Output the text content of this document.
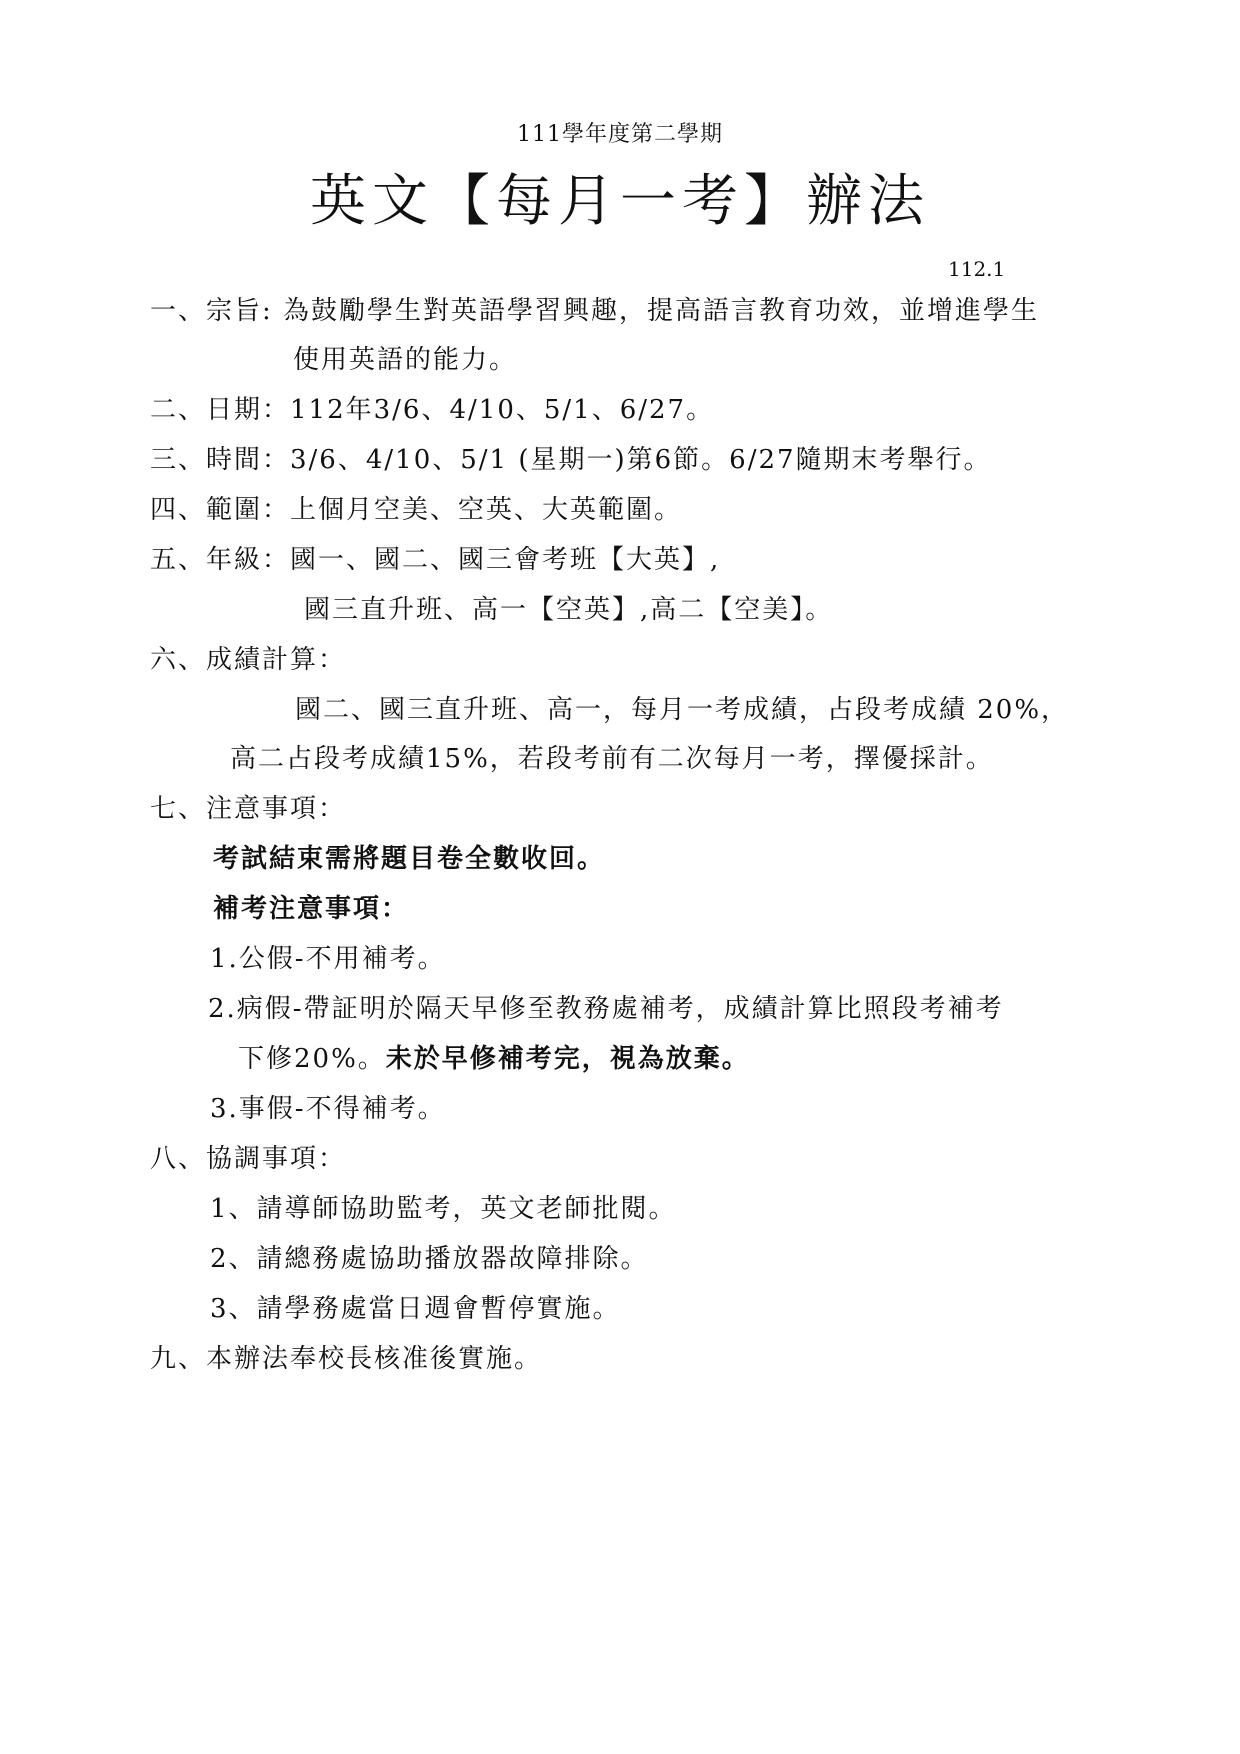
111學年度第二學期
英文【每月一考】辦法
112.1
一、宗旨: 為鼓勵學生對英語學習興趣，提高語言教育功效，並增進學生
使用英語的能力。
二、日期：112年3/6、4/10、5/1、6/27。
三、時間：3/6、4/10、5/1 (星期一)第6節。6/27隨期末考舉行。
四、範圍：上個月空美、空英、大英範圍。
五、年級：國一、國二、國三會考班【大英】,
國三直升班、高一【空英】,高二【空美】。
六、成績計算：
國二、國三直升班、高一，每月一考成績，占段考成績 20%，
高二占段考成績15%，若段考前有二次每月一考，擇優採計。
七、注意事項：
考試結束需將題目卷全數收回。
補考注意事項：
1.公假-不用補考。
2.病假-帶証明於隔天早修至教務處補考，成績計算比照段考補考
下修20%。未於早修補考完，視為放棄。
3.事假-不得補考。
八、協調事項：
1、請導師協助監考，英文老師批閱。
2、請總務處協助播放器故障排除。
3、請學務處當日週會暫停實施。
九、本辦法奉校長核准後實施。
